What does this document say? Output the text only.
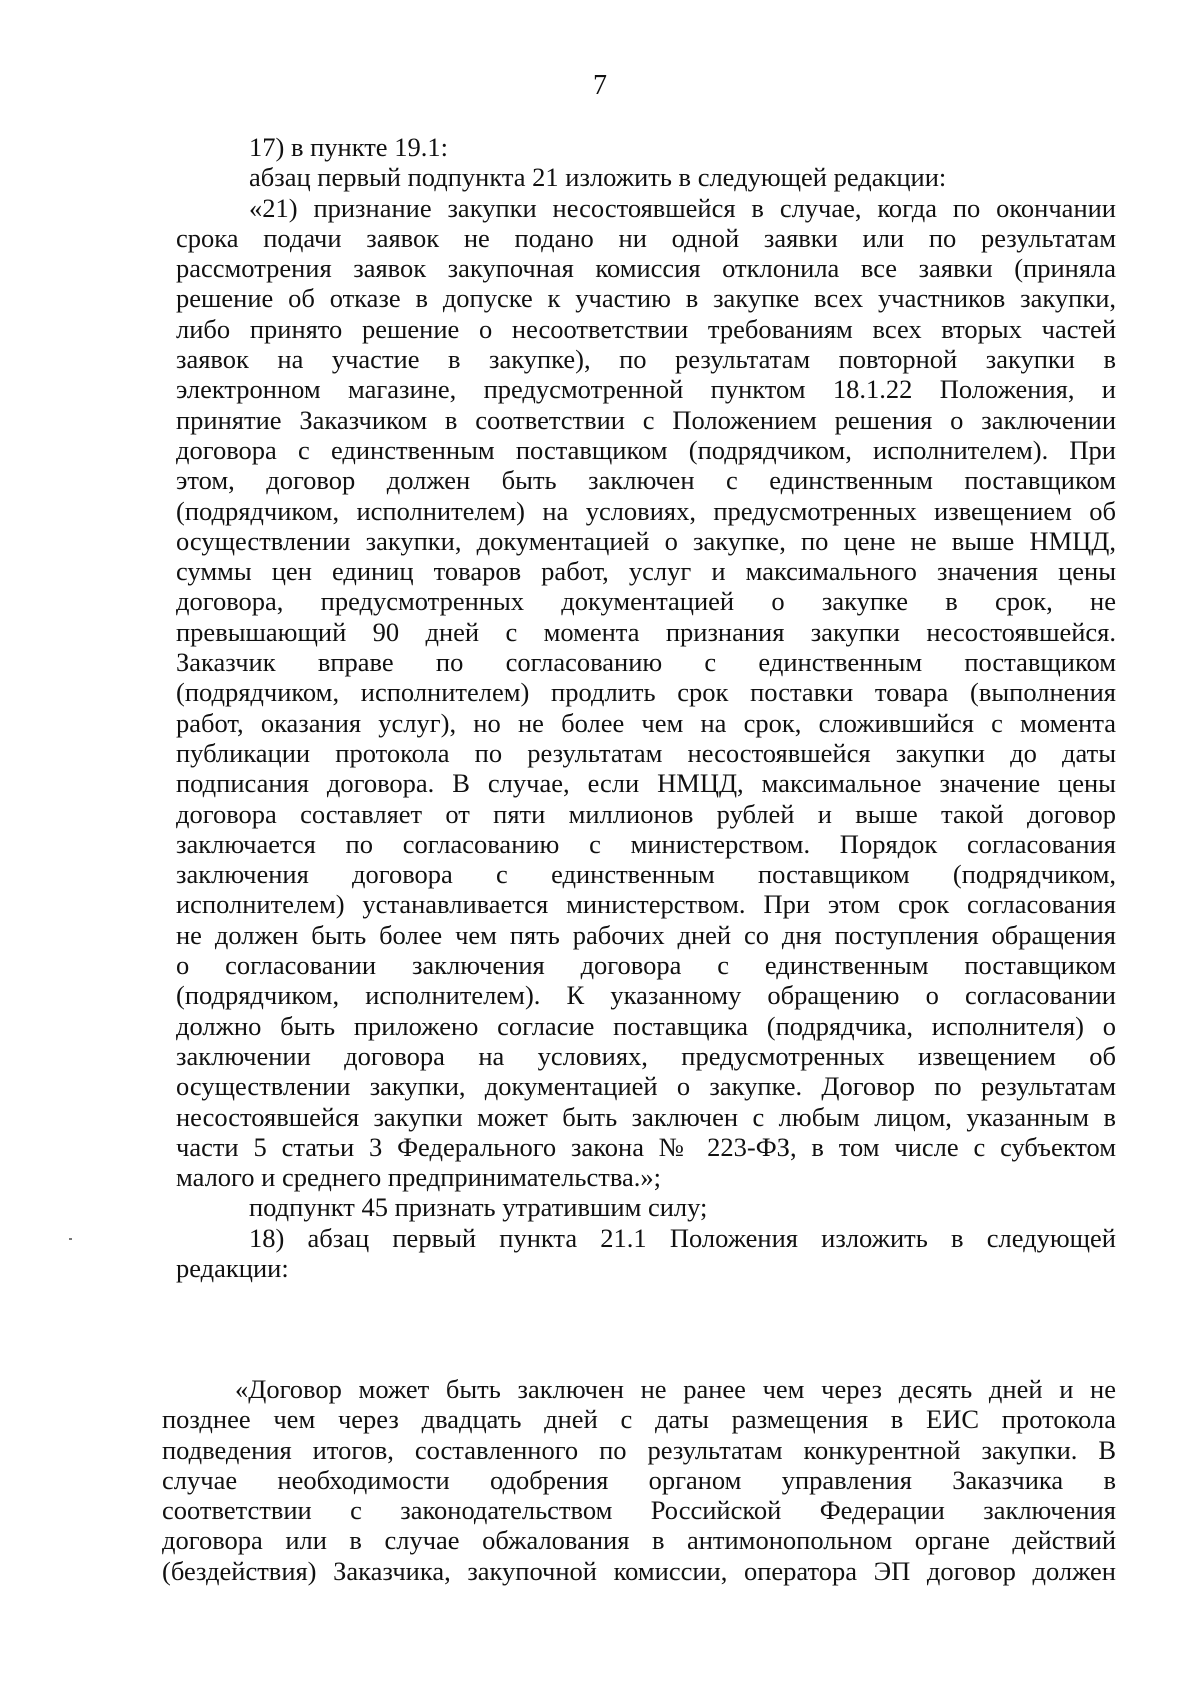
7
17) в пункте 19.1:
абзац первый подпункта 21 изложить в следующей редакции:
«21) признание закупки несостоявшейся в случае, когда по окончании
срока подачи заявок не подано ни одной заявки или по результатам
рассмотрения заявок закупочная комиссия отклонила все заявки (приняла
решение об отказе в допуске к участию в закупке всех участников закупки,
либо принято решение о несоответствии требованиям всех вторых частей
заявок на участие в закупке), по результатам повторной закупки в
электронном магазине, предусмотренной пунктом 18.1.22 Положения, и
принятие Заказчиком в соответствии с Положением решения о заключении
договора с единственным поставщиком (подрядчиком, исполнителем). При
этом, договор должен быть заключен с единственным поставщиком
(подрядчиком, исполнителем) на условиях, предусмотренных извещением об
осуществлении закупки, документацией о закупке, по цене не выше НМЦД,
суммы цен единиц товаров работ, услуг и максимального значения цены
договора, предусмотренных документацией о закупке в срок, не
превышающий 90 дней с момента признания закупки несостоявшейся.
Заказчик вправе по согласованию с единственным поставщиком
(подрядчиком, исполнителем) продлить срок поставки товара (выполнения
работ, оказания услуг), но не более чем на срок, сложившийся с момента
публикации протокола по результатам несостоявшейся закупки до даты
подписания договора. В случае, если НМЦД, максимальное значение цены
договора составляет от пяти миллионов рублей и выше такой договор
заключается по согласованию с министерством. Порядок согласования
заключения договора с единственным поставщиком (подрядчиком,
исполнителем) устанавливается министерством. При этом срок согласования
не должен быть более чем пять рабочих дней со дня поступления обращения
о согласовании заключения договора с единственным поставщиком
(подрядчиком, исполнителем). К указанному обращению о согласовании
должно быть приложено согласие поставщика (подрядчика, исполнителя) о
заключении договора на условиях, предусмотренных извещением об
осуществлении закупки, документацией о закупке. Договор по результатам
несостоявшейся закупки может быть заключен с любым лицом, указанным в
части 5 статьи 3 Федерального закона № 223-ФЗ, в том числе с субъектом
малого и среднего предпринимательства.»;
подпункт 45 признать утратившим силу;
18) абзац первый пункта 21.1 Положения изложить в следующей
редакции:
«Договор может быть заключен не ранее чем через десять дней и не
позднее чем через двадцать дней с даты размещения в ЕИС протокола
подведения итогов, составленного по результатам конкурентной закупки. В
случае необходимости одобрения органом управления Заказчика в
соответствии с законодательством Российской Федерации заключения
договора или в случае обжалования в антимонопольном органе действий
(бездействия) Заказчика, закупочной комиссии, оператора ЭП договор должен
